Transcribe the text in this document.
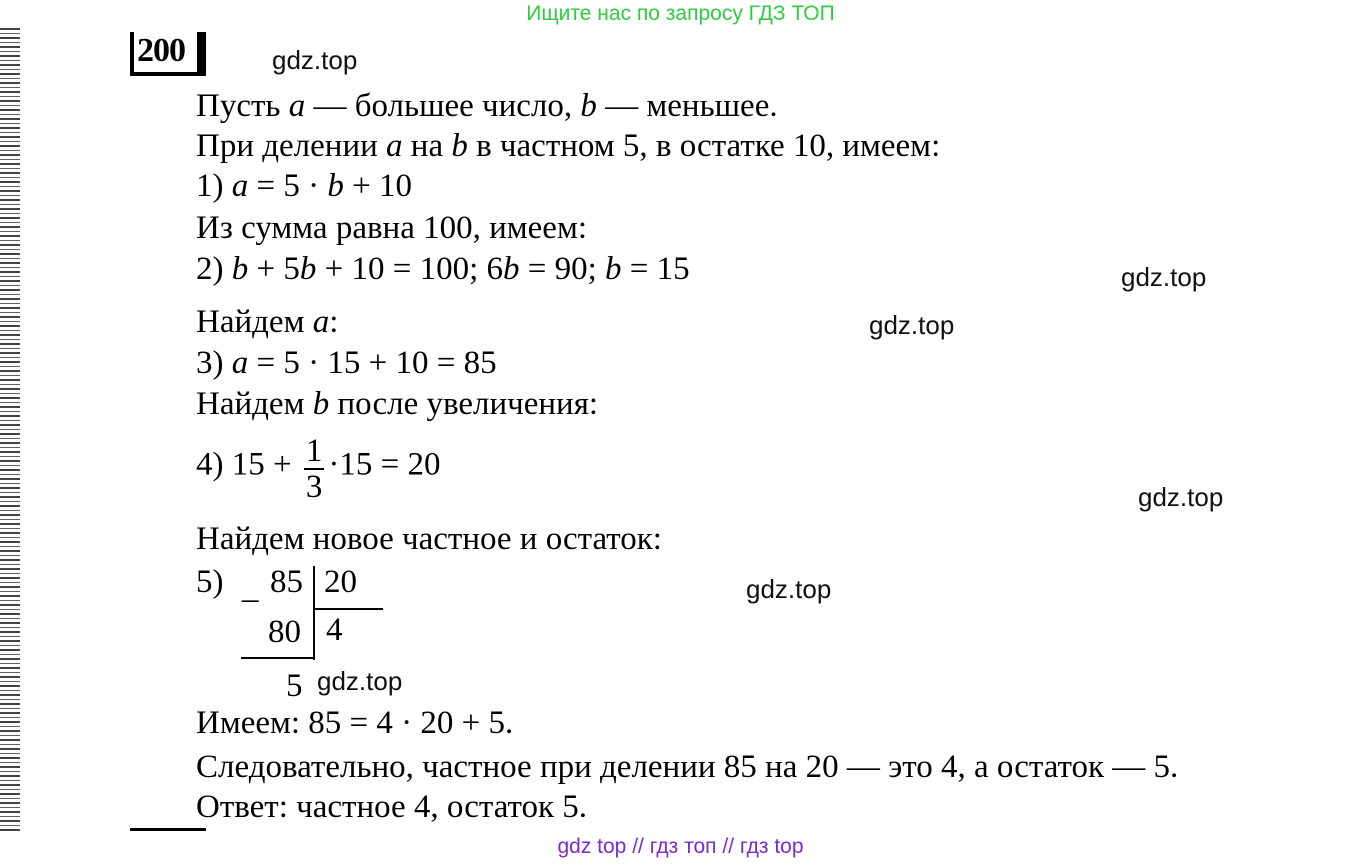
Ищите нас по запросу ГДЗ ТОП
200	gdz.top
gdz.top
gdz.top
gdz.top
gdz.top
gdz.top
Пусть a — большее число, b — меньшее.
При делении a на b в частном 5, в остатке 10, имеем:
1) a = 5 · b + 10
Из сумма равна 100, имеем:
2) b + 5b + 10 = 100; 6b = 90; b = 15
Найдем a:
3) a = 5 · 15 + 10 = 85
Найдем b после увеличения:
4) $15 + \frac{1}{3} \cdot 15 = 20$
Найдем новое частное и остаток:
5) _ 85 20
80 4
5
Имеем: 85 = 4 · 20 + 5.
Следовательно, частное при делении 85 на 20 — это 4, а остаток — 5.
Ответ: частное 4, остаток 5.
gdz top // гдз топ // гдз top
